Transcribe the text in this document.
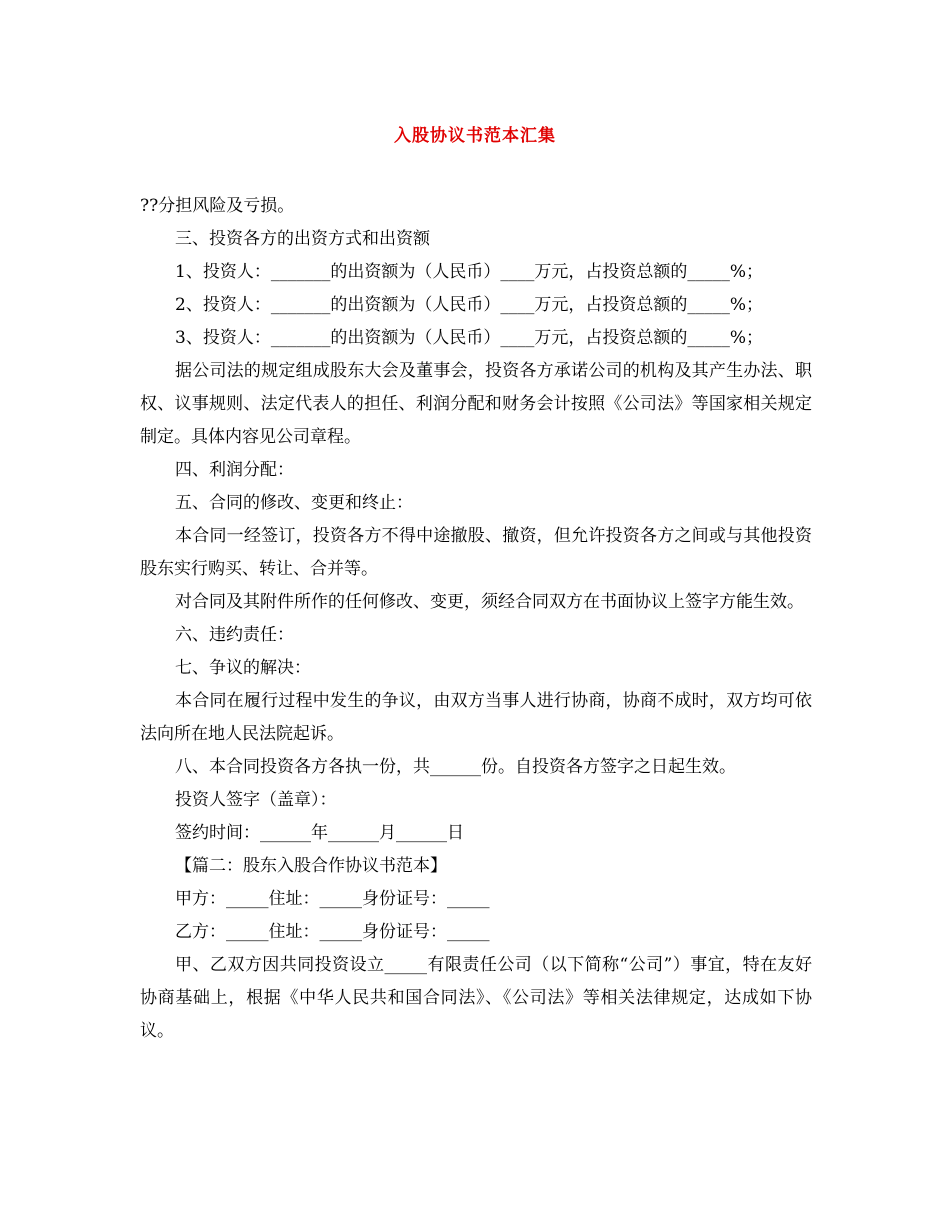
入股协议书范本汇集

??分担风险及亏损。

三、投资各方的出资方式和出资额

1、投资人：_______的出资额为（人民币）____万元，占投资总额的_____%；

2、投资人：_______的出资额为（人民币）____万元，占投资总额的_____%；

3、投资人：_______的出资额为（人民币）____万元，占投资总额的_____%；

据公司法的规定组成股东大会及董事会，投资各方承诺公司的机构及其产生办法、职权、议事规则、法定代表人的担任、利润分配和财务会计按照《公司法》等国家相关规定制定。具体内容见公司章程。

四、利润分配：

五、合同的修改、变更和终止：

本合同一经签订，投资各方不得中途撤股、撤资，但允许投资各方之间或与其他投资股东实行购买、转让、合并等。

对合同及其附件所作的任何修改、变更，须经合同双方在书面协议上签字方能生效。

六、违约责任：

七、争议的解决：

本合同在履行过程中发生的争议，由双方当事人进行协商，协商不成时，双方均可依法向所在地人民法院起诉。

八、本合同投资各方各执一份，共______份。自投资各方签字之日起生效。

投资人签字（盖章）：

签约时间：______年______月______日

【篇二：股东入股合作协议书范本】

甲方：_____住址：_____身份证号：_____

乙方：_____住址：_____身份证号：_____

甲、乙双方因共同投资设立_____有限责任公司（以下简称“公司”）事宜，特在友好协商基础上，根据《中华人民共和国合同法》、《公司法》等相关法律规定，达成如下协议。
